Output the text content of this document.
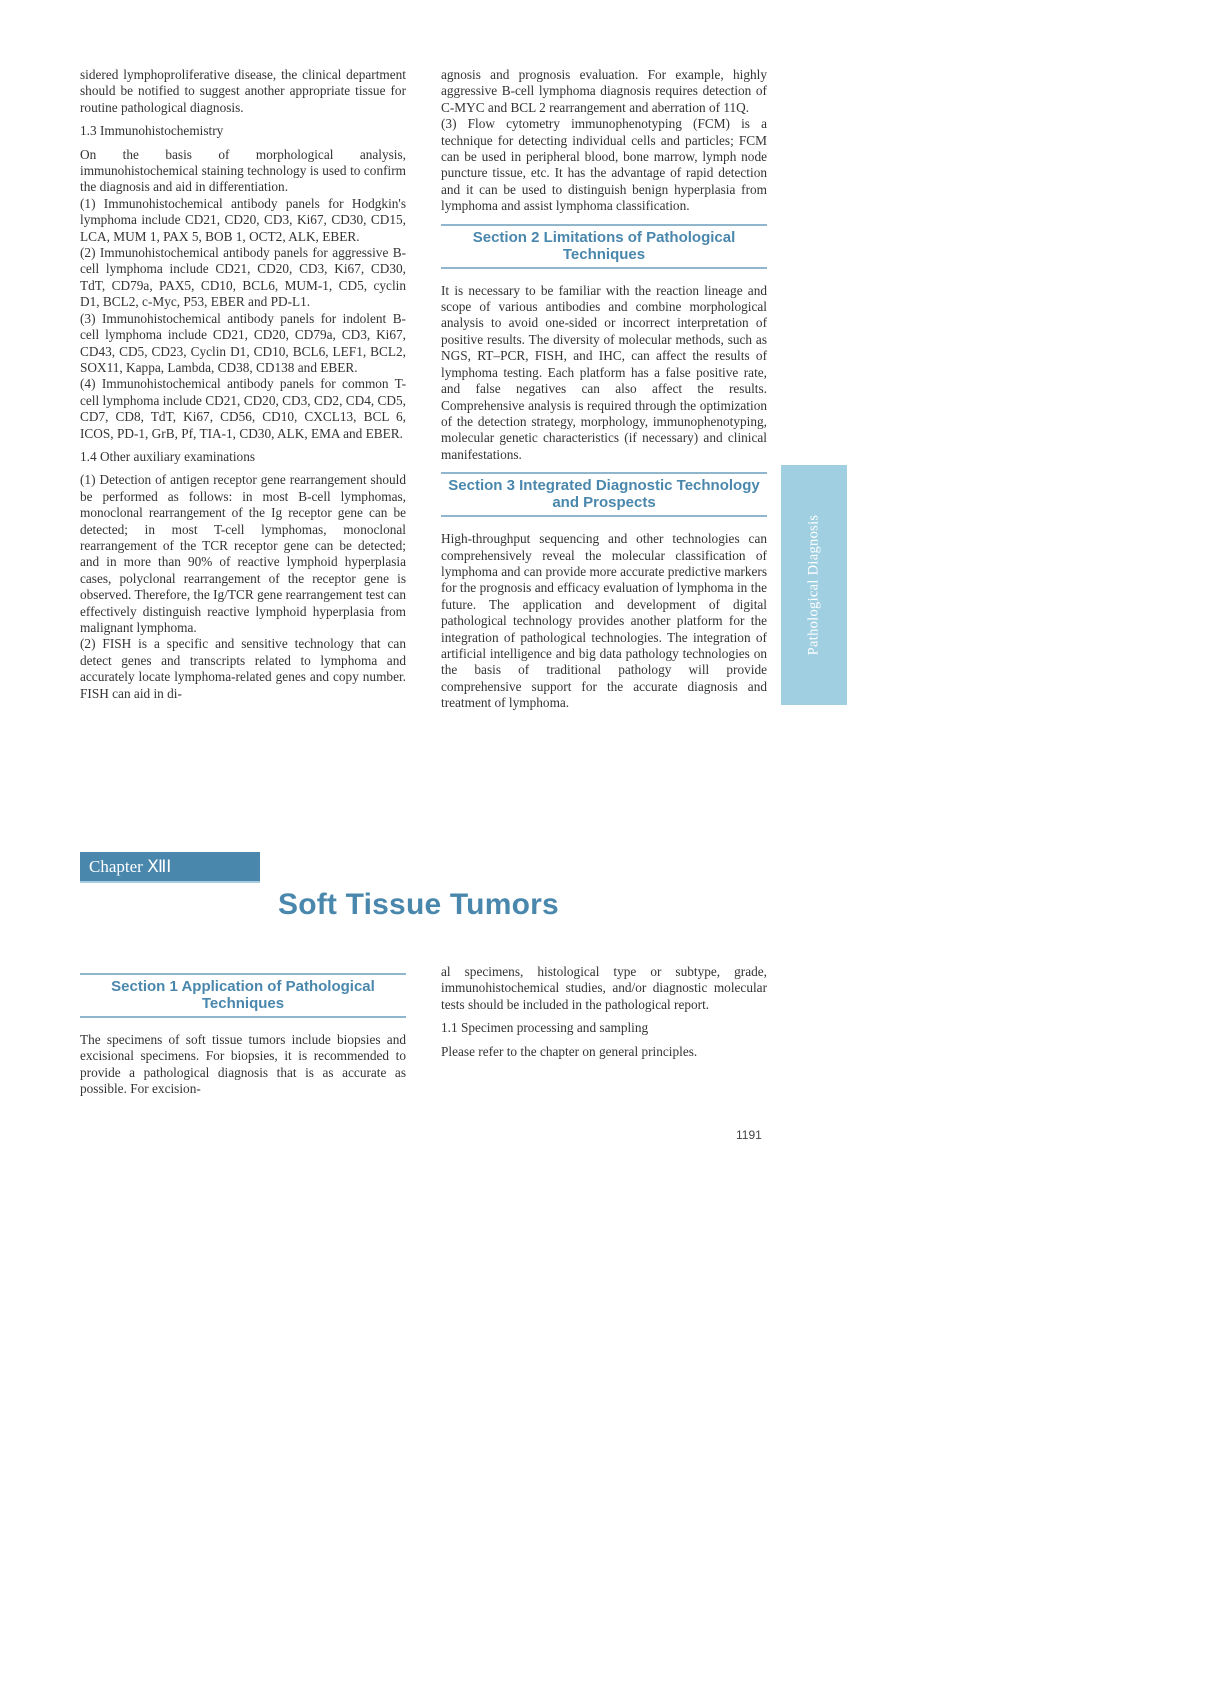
sidered lymphoproliferative disease, the clinical department should be notified to suggest another appropriate tissue for routine pathological diagnosis.

1.3 Immunohistochemistry

On the basis of morphological analysis, immunohistochemical staining technology is used to confirm the diagnosis and aid in differentiation.

(1) Immunohistochemical antibody panels for Hodgkin's lymphoma include CD21, CD20, CD3, Ki67, CD30, CD15, LCA, MUM 1, PAX 5, BOB 1, OCT2, ALK, EBER.

(2) Immunohistochemical antibody panels for aggressive B-cell lymphoma include CD21, CD20, CD3, Ki67, CD30, TdT, CD79a, PAX5, CD10, BCL6, MUM-1, CD5, cyclin D1, BCL2, c-Myc, P53, EBER and PD-L1.

(3) Immunohistochemical antibody panels for indolent B-cell lymphoma include CD21, CD20, CD79a, CD3, Ki67, CD43, CD5, CD23, Cyclin D1, CD10, BCL6, LEF1, BCL2, SOX11, Kappa, Lambda, CD38, CD138 and EBER.

(4) Immunohistochemical antibody panels for common T-cell lymphoma include CD21, CD20, CD3, CD2, CD4, CD5, CD7, CD8, TdT, Ki67, CD56, CD10, CXCL13, BCL 6, ICOS, PD-1, GrB, Pf, TIA-1, CD30, ALK, EMA and EBER.

1.4 Other auxiliary examinations

(1) Detection of antigen receptor gene rearrangement should be performed as follows: in most B-cell lymphomas, monoclonal rearrangement of the Ig receptor gene can be detected; in most T-cell lymphomas, monoclonal rearrangement of the TCR receptor gene can be detected; and in more than 90% of reactive lymphoid hyperplasia cases, polyclonal rearrangement of the receptor gene is observed. Therefore, the Ig/TCR gene rearrangement test can effectively distinguish reactive lymphoid hyperplasia from malignant lymphoma.

(2) FISH is a specific and sensitive technology that can detect genes and transcripts related to lymphoma and accurately locate lymphoma-related genes and copy number. FISH can aid in di-

agnosis and prognosis evaluation. For example, highly aggressive B-cell lymphoma diagnosis requires detection of C-MYC and BCL 2 rearrangement and aberration of 11Q.

(3) Flow cytometry immunophenotyping (FCM) is a technique for detecting individual cells and particles; FCM can be used in peripheral blood, bone marrow, lymph node puncture tissue, etc. It has the advantage of rapid detection and it can be used to distinguish benign hyperplasia from lymphoma and assist lymphoma classification.

Section 2 Limitations of Pathological Techniques

It is necessary to be familiar with the reaction lineage and scope of various antibodies and combine morphological analysis to avoid one-sided or incorrect interpretation of positive results. The diversity of molecular methods, such as NGS, RT–PCR, FISH, and IHC, can affect the results of lymphoma testing. Each platform has a false positive rate, and false negatives can also affect the results. Comprehensive analysis is required through the optimization of the detection strategy, morphology, immunophenotyping, molecular genetic characteristics (if necessary) and clinical manifestations.

Section 3 Integrated Diagnostic Technology and Prospects

High-throughput sequencing and other technologies can comprehensively reveal the molecular classification of lymphoma and can provide more accurate predictive markers for the prognosis and efficacy evaluation of lymphoma in the future. The application and development of digital pathological technology provides another platform for the integration of pathological technologies. The integration of artificial intelligence and big data pathology technologies on the basis of traditional pathology will provide comprehensive support for the accurate diagnosis and treatment of lymphoma.

Pathological Diagnosis
Chapter ⅫⅠ
Soft Tissue Tumors
Section 1 Application of Pathological Techniques

The specimens of soft tissue tumors include biopsies and excisional specimens. For biopsies, it is recommended to provide a pathological diagnosis that is as accurate as possible. For excision-

al specimens, histological type or subtype, grade, immunohistochemical studies, and/or diagnostic molecular tests should be included in the pathological report.

1.1 Specimen processing and sampling

Please refer to the chapter on general principles.

1191
